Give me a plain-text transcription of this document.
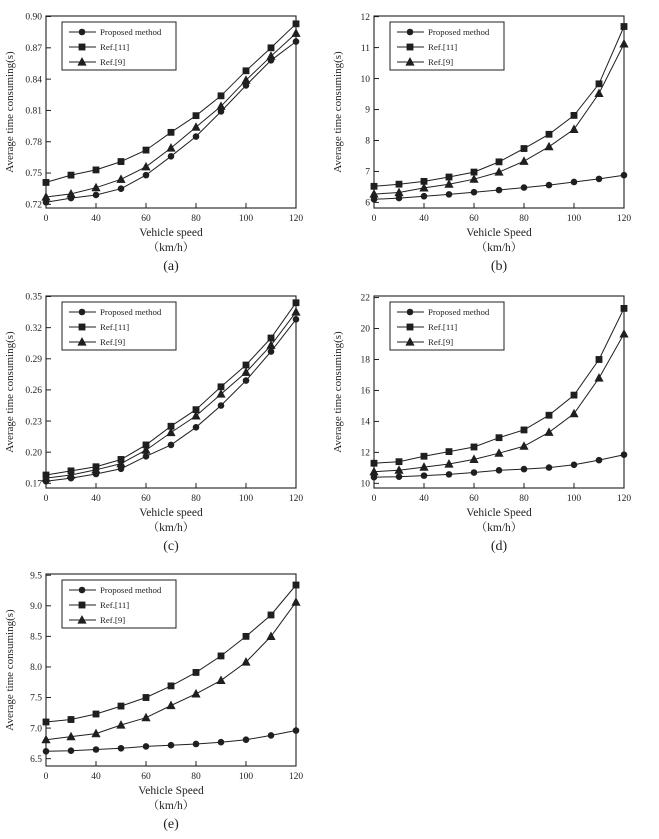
Average time consuming(s)
0	40	60	80	100	120
0.72
0.75
0.78
0.81
0.84
0.87
0.90
Proposed method
Ref.[11]
Ref.[9]
Vehicle speed
（km/h）
(a)
Average time consuming(s)
0	40	60	80	100	120
6
7
8
9
10
11
12
Proposed method
Ref.[11]
Ref.[9]
Vehicle Speed
（km/h）
(b)
Average time consuming(s)
0	40	60	80	100	120
0.17
0.20
0.23
0.26
0.29
0.32
0.35
Proposed method
Ref.[11]
Ref.[9]
Vehicle speed
（km/h）
(c)
Average time consuming(s)
0	40	60	80	100	120
10
12
14
16
18
20
22
Proposed method
Ref.[11]
Ref.[9]
Vehicle Speed
（km/h）
(d)
Average time consuming(s)
0	40	60	80	100	120
6.5
7.0
7.5
8.0
8.5
9.0
9.5
Proposed method
Ref.[11]
Ref.[9]
Vehicle Speed
（km/h）
(e)
